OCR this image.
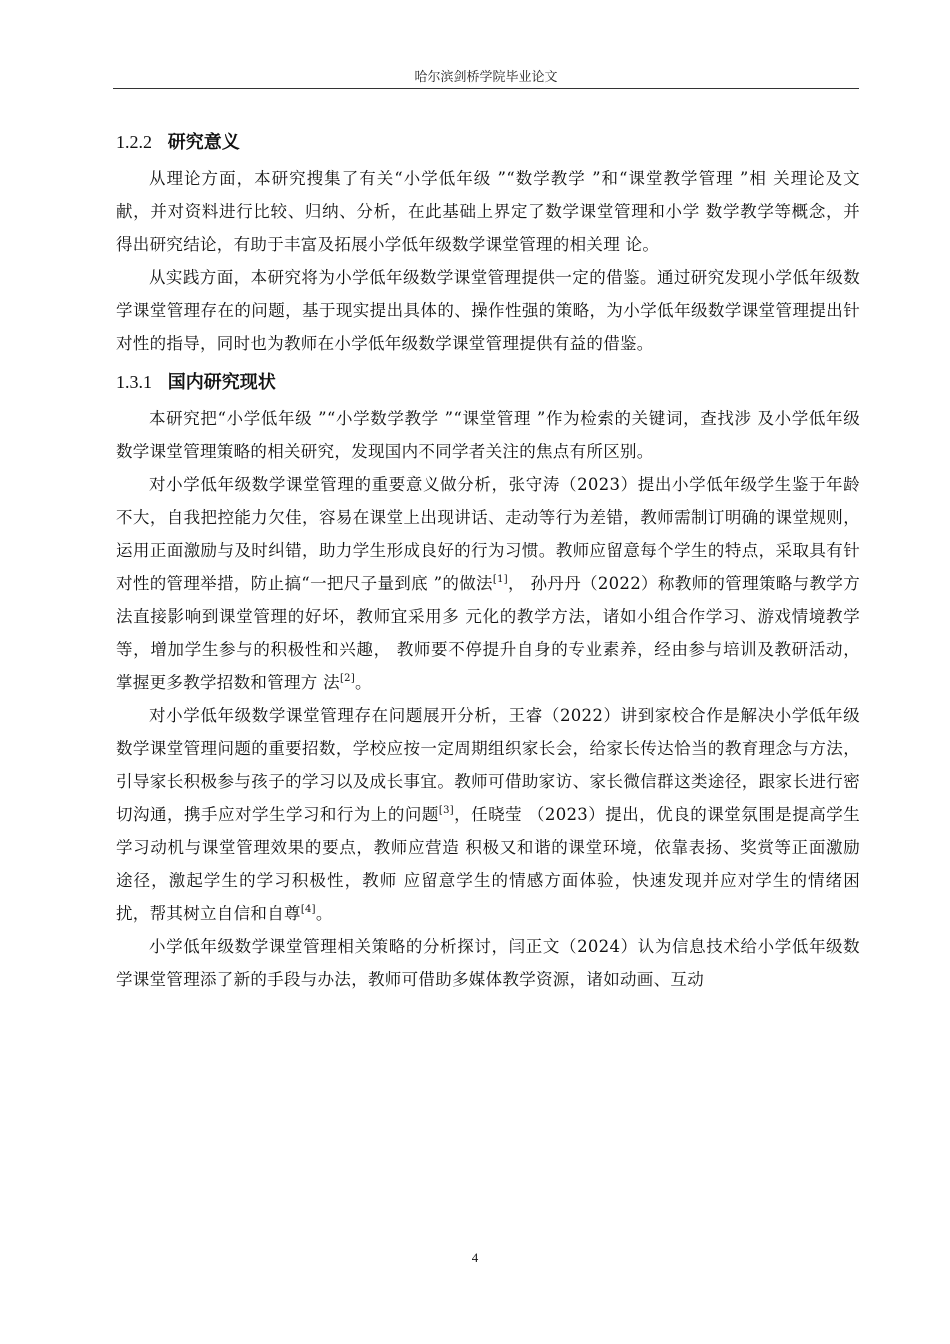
哈尔滨剑桥学院毕业论文
1.2.2 研究意义

从理论方面，本研究搜集了有关“小学低年级 ”“数学教学 ”和“课堂教学管理 ”相 关理论及文献，并对资料进行比较、归纳、分析，在此基础上界定了数学课堂管理和小学 数学教学等概念，并得出研究结论，有助于丰富及拓展小学低年级数学课堂管理的相关理 论。

从实践方面，本研究将为小学低年级数学课堂管理提供一定的借鉴。通过研究发现小学低年级数学课堂管理存在的问题，基于现实提出具体的、操作性强的策略，为小学低年级数学课堂管理提出针对性的指导，同时也为教师在小学低年级数学课堂管理提供有益的借鉴。

1.3.1 国内研究现状

本研究把“小学低年级 ”“小学数学教学 ”“课堂管理 ”作为检索的关键词，查找涉 及小学低年级数学课堂管理策略的相关研究，发现国内不同学者关注的焦点有所区别。

对小学低年级数学课堂管理的重要意义做分析，张守涛（2023）提出小学低年级学生鉴于年龄不大，自我把控能力欠佳，容易在课堂上出现讲话、走动等行为差错，教师需制订明确的课堂规则，运用正面激励与及时纠错，助力学生形成良好的行为习惯。教师应留意每个学生的特点，采取具有针对性的管理举措，防止搞“一把尺子量到底 ”的做法[1]， 孙丹丹（2022）称教师的管理策略与教学方法直接影响到课堂管理的好坏，教师宜采用多 元化的教学方法，诸如小组合作学习、游戏情境教学等，增加学生参与的积极性和兴趣， 教师要不停提升自身的专业素养，经由参与培训及教研活动，掌握更多教学招数和管理方 法[2]。

对小学低年级数学课堂管理存在问题展开分析，王睿（2022）讲到家校合作是解决小学低年级数学课堂管理问题的重要招数，学校应按一定周期组织家长会，给家长传达恰当的教育理念与方法，引导家长积极参与孩子的学习以及成长事宜。教师可借助家访、家长微信群这类途径，跟家长进行密切沟通，携手应对学生学习和行为上的问题[3]，任晓莹 （2023）提出，优良的课堂氛围是提高学生学习动机与课堂管理效果的要点，教师应营造 积极又和谐的课堂环境，依靠表扬、奖赏等正面激励途径，激起学生的学习积极性，教师 应留意学生的情感方面体验，快速发现并应对学生的情绪困扰，帮其树立自信和自尊[4]。

小学低年级数学课堂管理相关策略的分析探讨，闫正文（2024）认为信息技术给小学低年级数学课堂管理添了新的手段与办法，教师可借助多媒体教学资源，诸如动画、互动

4
